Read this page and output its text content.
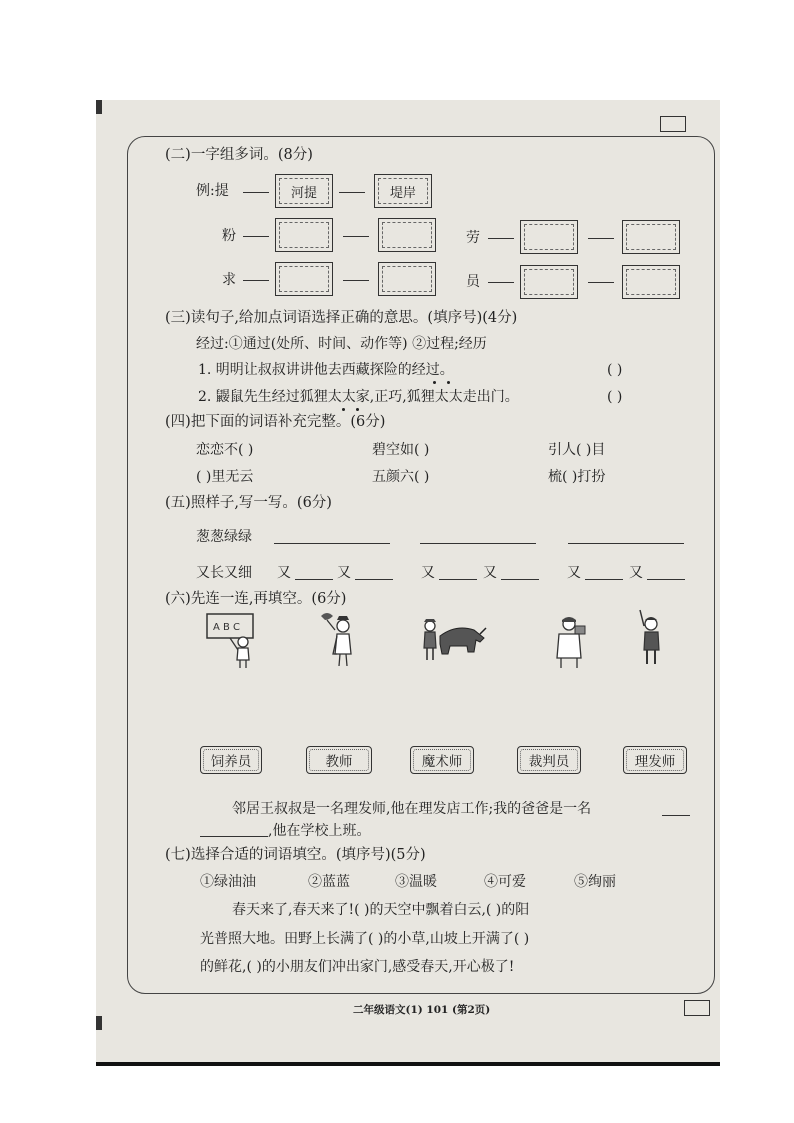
(二)一字组多词。(8分)
例:提	河提	堤岸
粉	劳
求	员
(三)读句子,给加点词语选择正确的意思。(填序号)(4分)
经过:①通过(处所、时间、动作等) ②过程;经历
1. 明明让叔叔讲讲他去西藏探险的经过。	( )
2. 鼹鼠先生经过狐狸太太家,正巧,狐狸太太走出门。	( )
(四)把下面的词语补充完整。(6分)
恋恋不( )	碧空如( )	引人( )目
( )里无云	五颜六( )	梳( )打扮
(五)照样子,写一写。(6分)
葱葱绿绿
又长又细 又	又	又	又	又	又
(六)先连一连,再填空。(6分)
A B C
饲养员	教师	魔术师	裁判员	理发师
邻居王叔叔是一名理发师,他在理发店工作;我的爸爸是一名
,他在学校上班。
(七)选择合适的词语填空。(填序号)(5分)
①绿油油	②蓝蓝	③温暖	④可爱	⑤绚丽
春天来了,春天来了!( )的天空中飘着白云,( )的阳
光普照大地。田野上长满了( )的小草,山坡上开满了( )
的鲜花,( )的小朋友们冲出家门,感受春天,开心极了!
二年级语文(1) 101 (第2页)
